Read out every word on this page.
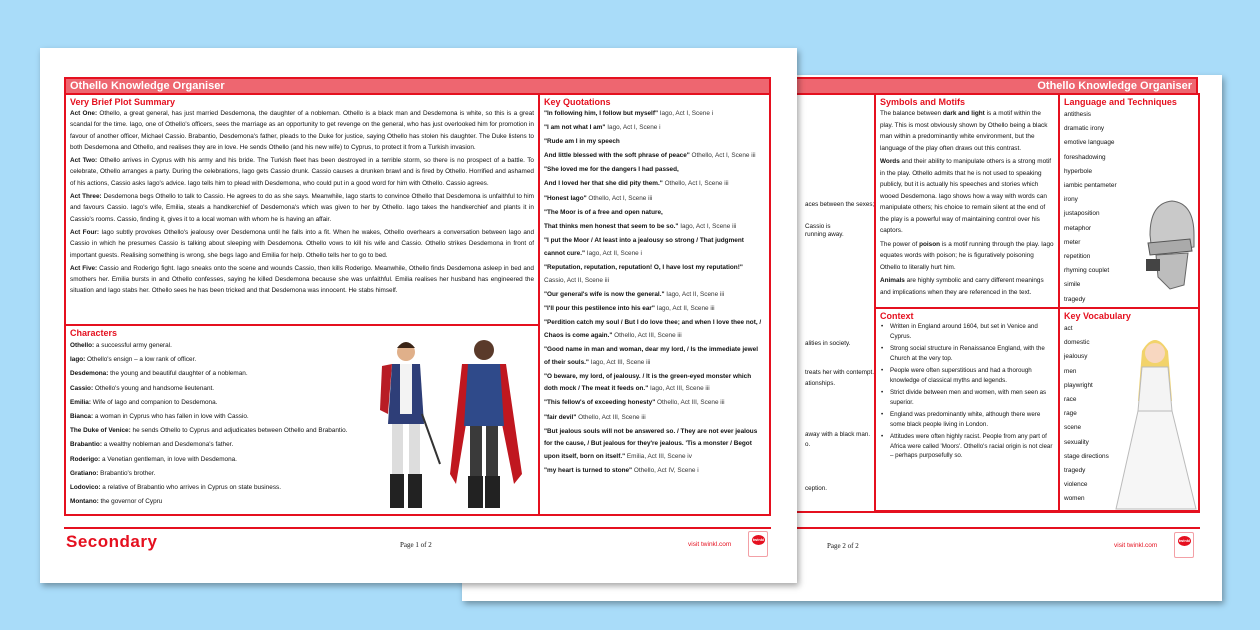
Othello Knowledge Organiser
aces between the sexes;
Cassio is
running away.
alities in society.
treats her with contempt.
ationships.
away with a black man.
o.
ception.
Symbols and Motifs

The balance between dark and light is a motif within the play. This is most obviously shown by Othello being a black man within a predominantly white environment, but the language of the play often draws out this contrast.

Words and their ability to manipulate others is a strong motif in the play. Othello admits that he is not used to speaking publicly, but it is actually his speeches and stories which wooed Desdemona. Iago shows how a way with words can manipulate others; his choice to remain silent at the end of the play is a powerful way of maintaining control over his captors.

The power of poison is a motif running through the play. Iago equates words with poison; he is figuratively poisoning Othello to literally hurt him.

Animals are highly symbolic and carry different meanings and implications when they are referenced in the text.

Context
• Written in England around 1604, but set in Venice and Cyprus.
• Strong social structure in Renaissance England, with the Church at the very top.
• People were often superstitious and had a thorough knowledge of classical myths and legends.
• Strict divide between men and women, with men seen as superior.
• England was predominantly white, although there were some black people living in London.
• Attitudes were often highly racist. People from any part of Africa were called 'Moors'. Othello's racial origin is not clear – perhaps purposefully so.
Language and Techniques

antithesis

dramatic irony

emotive language

foreshadowing

hyperbole

iambic pentameter

irony

justaposition

metaphor

meter

repetition

rhyming couplet

simile

tragedy

Key Vocabulary

act

domestic

jealousy

men

playwright

race

rage

scene

sexuality

stage directions

tragedy

violence

women

Page 2 of 2	visit twinkl.com
twinkl
Othello Knowledge Organiser
Very Brief Plot Summary

Act One: Othello, a great general, has just married Desdemona, the daughter of a nobleman. Othello is a black man and Desdemona is white, so this is a great scandal for the time. Iago, one of Othello's officers, sees the marriage as an opportunity to get revenge on the general, who has just overlooked him for promotion in favour of another officer, Michael Cassio. Brabantio, Desdemona's father, pleads to the Duke for justice, saying Othello has stolen his daughter. The Duke listens to both Desdemona and Othello, and realises they are in love. He sends Othello (and his new wife) to Cyprus, to protect it from a Turkish invasion.

Act Two: Othello arrives in Cyprus with his army and his bride. The Turkish fleet has been destroyed in a terrible storm, so there is no prospect of a battle. To celebrate, Othello arranges a party. During the celebrations, Iago gets Cassio drunk. Cassio causes a drunken brawl and is fired by Othello. Horrified and ashamed of his actions, Cassio asks Iago's advice. Iago tells him to plead with Desdemona, who could put in a good word for him with Othello. Cassio agrees.

Act Three: Desdemona begs Othello to talk to Cassio. He agrees to do as she says. Meanwhile, Iago starts to convince Othello that Desdemona is unfaithful to him and favours Cassio. Iago's wife, Emilia, steals a handkerchief of Desdemona's which was given to her by Othello. Iago takes the handkerchief and plants it in Cassio's rooms. Cassio, finding it, gives it to a local woman with whom he is having an affair.

Act Four: Iago subtly provokes Othello's jealousy over Desdemona until he falls into a fit. When he wakes, Othello overhears a conversation between Iago and Cassio in which he presumes Cassio is talking about sleeping with Desdemona. Othello vows to kill his wife and Cassio. Othello strikes Desdemona in front of important guests. Realising something is wrong, she begs Iago and Emilia for help. Othello tells her to go to bed.

Act Five: Cassio and Roderigo fight. Iago sneaks onto the scene and wounds Cassio, then kills Roderigo. Meanwhile, Othello finds Desdemona asleep in bed and smothers her. Emilia bursts in and Othello confesses, saying he killed Desdemona because she was unfaithful. Emilia realises her husband has engineered the situation and Iago stabs her. Othello sees he has been tricked and that Desdemona was innocent. He stabs himself.

Characters

Othello: a successful army general.

Iago: Othello's ensign – a low rank of officer.

Desdemona: the young and beautiful daughter of a nobleman.

Cassio: Othello's young and handsome lieutenant.

Emilia: Wife of Iago and companion to Desdemona.

Bianca: a woman in Cyprus who has fallen in love with Cassio.

The Duke of Venice: he sends Othello to Cyprus and adjudicates between Othello and Brabantio.

Brabantio: a wealthy nobleman and Desdemona's father.

Roderigo: a Venetian gentleman, in love with Desdemona.

Gratiano: Brabantio's brother.

Lodovico: a relative of Brabantio who arrives in Cyprus on state business.

Montano: the governor of Cypru

Key Quotations

"In following him, I follow but myself" Iago, Act I, Scene i

"I am not what I am" Iago, Act I, Scene i

"Rude am I in my speech

And little blessed with the soft phrase of peace" Othello, Act I, Scene iii

"She loved me for the dangers I had passed,

And I loved her that she did pity them." Othello, Act I, Scene iii

"Honest Iago" Othello, Act I, Scene iii

"The Moor is of a free and open nature,

That thinks men honest that seem to be so." Iago, Act I, Scene iii

"I put the Moor / At least into a jealousy so strong / That judgment cannot cure." Iago, Act II, Scene i

"Reputation, reputation, reputation! O, I have lost my reputation!" Cassio, Act II, Scene iii

"Our general's wife is now the general." Iago, Act II, Scene iii

"I'll pour this pestilence into his ear" Iago, Act II, Scene iii

"Perdition catch my soul / But I do love thee; and when I love thee not, / Chaos is come again." Othello, Act III, Scene iii

"Good name in man and woman, dear my lord, / Is the immediate jewel of their souls." Iago, Act III, Scene iii

"O beware, my lord, of jealousy. / It is the green-eyed monster which doth mock / The meat it feeds on." Iago, Act III, Scene iii

"This fellow's of exceeding honesty" Othello, Act III, Scene iii

"fair devil" Othello, Act III, Scene iii

"But jealous souls will not be answered so. / They are not ever jealous for the cause, / But jealous for they're jealous. 'Tis a monster / Begot upon itself, born on itself." Emilia, Act III, Scene iv

"my heart is turned to stone" Othello, Act IV, Scene i

Secondary	Page 1 of 2	visit twinkl.com
twinkl
